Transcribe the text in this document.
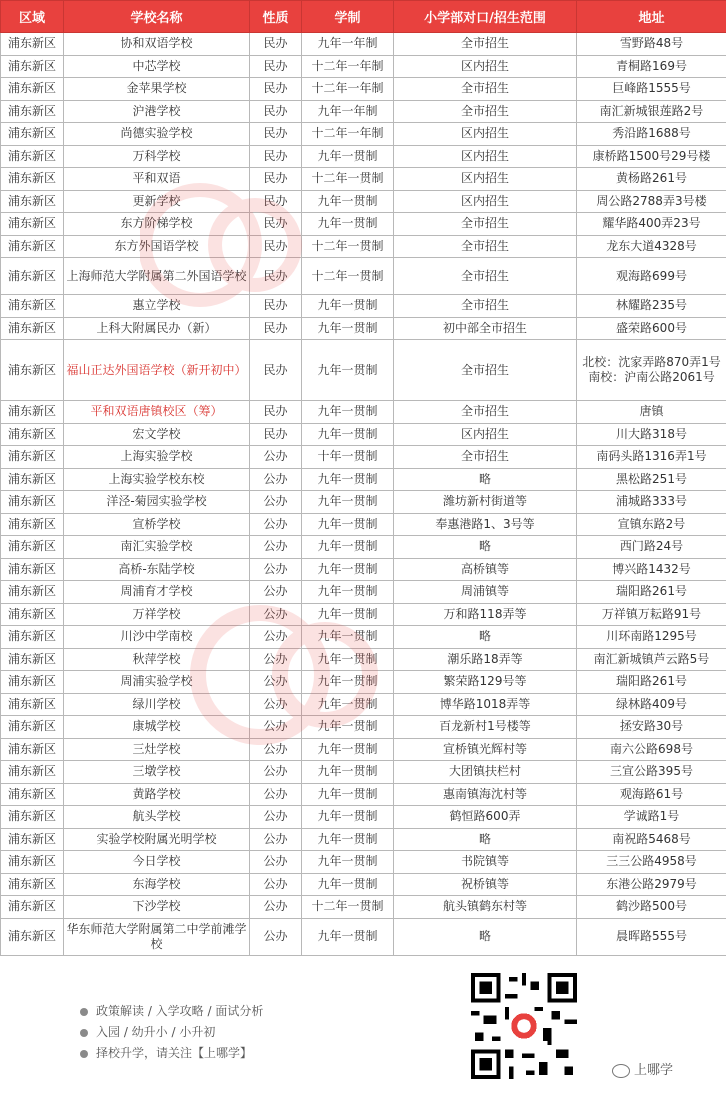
区域	学校名称	性质	学制	小学部对口/招生范围	地址
浦东新区	协和双语学校	民办	九年一年制	全市招生	雪野路48号
浦东新区	中芯学校	民办	十二年一年制	区内招生	青桐路169号
浦东新区	金苹果学校	民办	十二年一年制	全市招生	巨峰路1555号
浦东新区	沪港学校	民办	九年一年制	全市招生	南汇新城银莲路2号
浦东新区	尚德实验学校	民办	十二年一年制	区内招生	秀沿路1688号
浦东新区	万科学校	民办	九年一贯制	区内招生	康桥路1500号29号楼
浦东新区	平和双语	民办	十二年一贯制	区内招生	黄杨路261号
浦东新区	更新学校	民办	九年一贯制	区内招生	周公路2788弄3号楼
浦东新区	东方阶梯学校	民办	九年一贯制	全市招生	耀华路400弄23号
浦东新区	东方外国语学校	民办	十二年一贯制	全市招生	龙东大道4328号
浦东新区	上海师范大学附属第二外国语学校	民办	十二年一贯制	全市招生	观海路699号
浦东新区	惠立学校	民办	九年一贯制	全市招生	林耀路235号
浦东新区	上科大附属民办（新）	民办	九年一贯制	初中部全市招生	盛荣路600号
浦东新区	福山正达外国语学校（新开初中）	民办	九年一贯制	全市招生	北校：沈家弄路870弄1号 南校：沪南公路2061号
浦东新区	平和双语唐镇校区（筹）	民办	九年一贯制	全市招生	唐镇
浦东新区	宏文学校	民办	九年一贯制	区内招生	川大路318号
浦东新区	上海实验学校	公办	十年一贯制	全市招生	南码头路1316弄1号
浦东新区	上海实验学校东校	公办	九年一贯制	略	黑松路251号
浦东新区	洋泾-菊园实验学校	公办	九年一贯制	潍坊新村街道等	浦城路333号
浦东新区	宣桥学校	公办	九年一贯制	奉惠港路1、3号等	宣镇东路2号
浦东新区	南汇实验学校	公办	九年一贯制	略	西门路24号
浦东新区	高桥-东陆学校	公办	九年一贯制	高桥镇等	博兴路1432号
浦东新区	周浦育才学校	公办	九年一贯制	周浦镇等	瑞阳路261号
浦东新区	万祥学校	公办	九年一贯制	万和路118弄等	万祥镇万耘路91号
浦东新区	川沙中学南校	公办	九年一贯制	略	川环南路1295号
浦东新区	秋萍学校	公办	九年一贯制	潮乐路18弄等	南汇新城镇芦云路5号
浦东新区	周浦实验学校	公办	九年一贯制	繁荣路129号等	瑞阳路261号
浦东新区	绿川学校	公办	九年一贯制	博华路1018弄等	绿林路409号
浦东新区	康城学校	公办	九年一贯制	百龙新村1号楼等	拯安路30号
浦东新区	三灶学校	公办	九年一贯制	宣桥镇光辉村等	南六公路698号
浦东新区	三墩学校	公办	九年一贯制	大团镇扶栏村	三宣公路395号
浦东新区	黄路学校	公办	九年一贯制	惠南镇海沈村等	观海路61号
浦东新区	航头学校	公办	九年一贯制	鹤恒路600弄	学诚路1号
浦东新区	实验学校附属光明学校	公办	九年一贯制	略	南祝路5468号
浦东新区	今日学校	公办	九年一贯制	书院镇等	三三公路4958号
浦东新区	东海学校	公办	九年一贯制	祝桥镇等	东港公路2979号
浦东新区	下沙学校	公办	十二年一贯制	航头镇鹤东村等	鹤沙路500号
浦东新区	华东师范大学附属第二中学前滩学校	公办	九年一贯制	略	晨晖路555号
政策解读 / 入学攻略 / 面试分析
入园 / 幼升小 / 小升初
择校升学，请关注【上哪学】
上哪学
